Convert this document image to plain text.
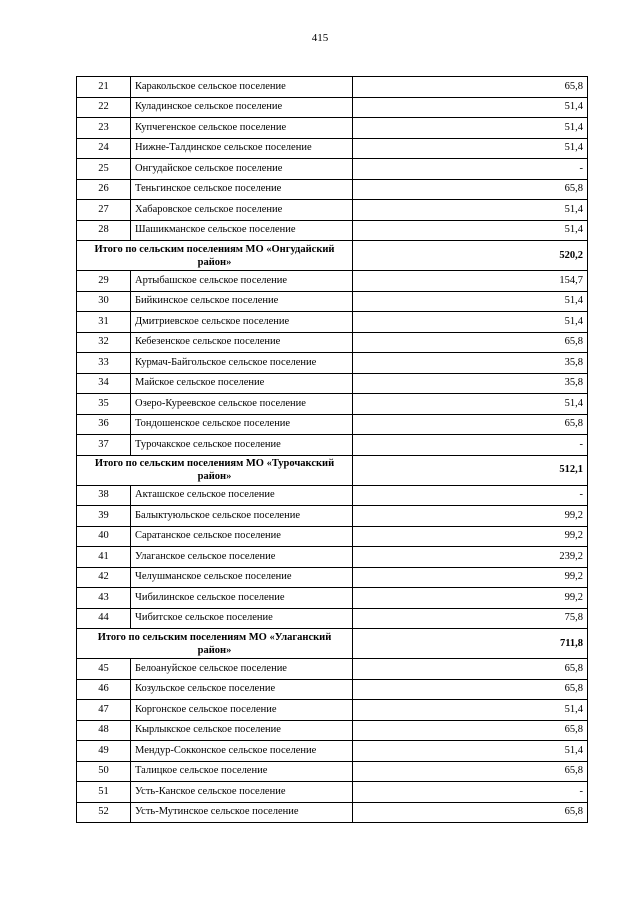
415
21	Каракольское сельское поселение	65,8
22	Куладинское сельское поселение	51,4
23	Купчегенское сельское поселение	51,4
24	Нижне-Талдинское сельское поселение	51,4
25	Онгудайское сельское поселение	-
26	Теньгинское сельское поселение	65,8
27	Хабаровское сельское поселение	51,4
28	Шашикманское сельское поселение	51,4
Итого по сельским поселениям МО «Онгудайский район»		520,2
29	Артыбашское сельское поселение	154,7
30	Бийкинское сельское поселение	51,4
31	Дмитриевское сельское поселение	51,4
32	Кебезенское сельское поселение	65,8
33	Курмач-Байгольское сельское поселение	35,8
34	Майское сельское поселение	35,8
35	Озеро-Куреевское сельское поселение	51,4
36	Тондошенское сельское поселение	65,8
37	Турочакское сельское поселение	-
Итого по сельским поселениям МО «Турочакский район»		512,1
38	Акташское сельское поселение	-
39	Балыктуюльское сельское поселение	99,2
40	Саратанское сельское поселение	99,2
41	Улаганское сельское поселение	239,2
42	Челушманское сельское поселение	99,2
43	Чибилинское сельское поселение	99,2
44	Чибитское сельское поселение	75,8
Итого по сельским поселениям МО «Улаганский район»		711,8
45	Белоануйское сельское поселение	65,8
46	Козульское сельское поселение	65,8
47	Коргонское сельское поселение	51,4
48	Кырлыкское сельское поселение	65,8
49	Мендур-Сокконское сельское поселение	51,4
50	Талицкое сельское поселение	65,8
51	Усть-Канское сельское поселение	-
52	Усть-Мутинское сельское поселение	65,8
